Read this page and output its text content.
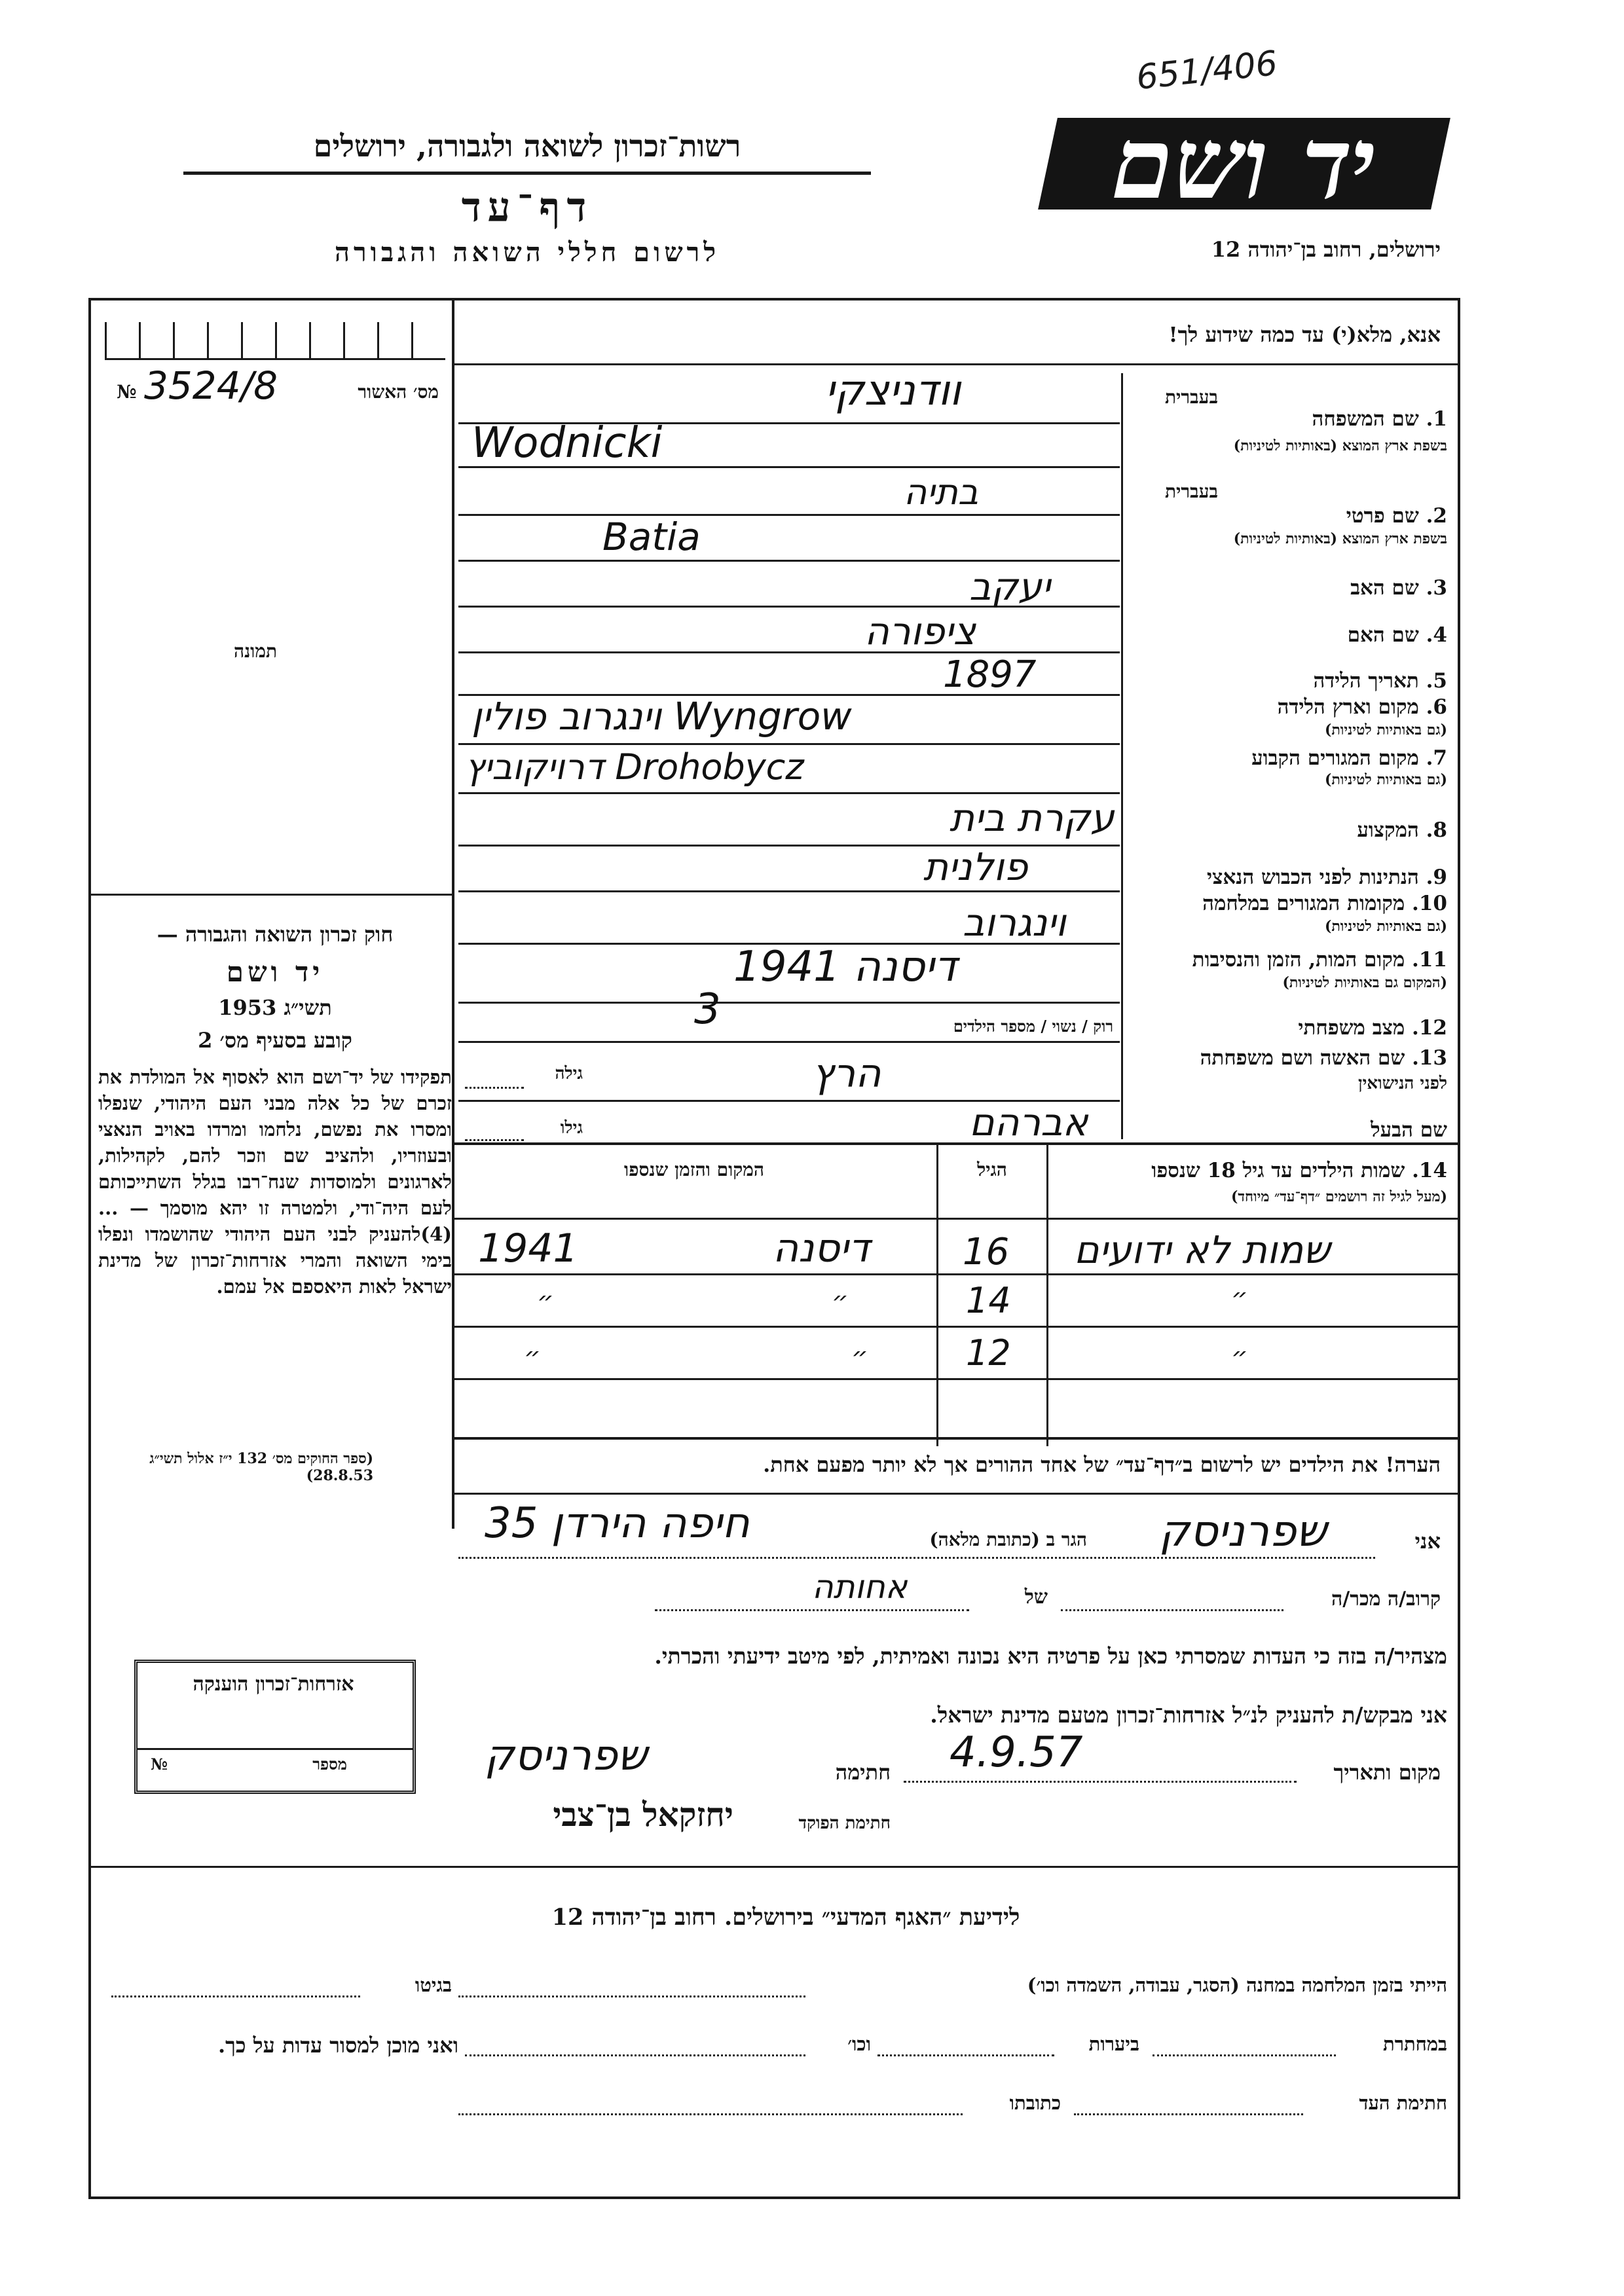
651/406
יד ושם
ירושלים, רחוב בן־יהודה 12
רשות־זכרון לשואה ולגבורה, ירושלים
דף־עד
לרשום חללי השואה והגבורה
אנא, מלא(י) עד כמה שידוע לך!
№ 3524/8	מס׳ האשור
תמונה
בעברית
1. שם המשפחה
בשפת ארץ המוצא (באותיות לטיניות)
בעברית
2. שם פרטי
בשפת ארץ המוצא (באותיות לטיניות)
3. שם האב
4. שם האם
5. תאריך הלידה
6. מקום וארץ הלידה
(גם באותיות לטיניות)
7. מקום המגורים הקבוע
(גם באותיות לטיניות)
8. המקצוע
9. הנתינות לפני הכבוש הנאצי
10. מקומות המגורים במלחמה
(גם באותיות לטיניות)
11. מקום המות, הזמן והנסיבות
(המקום גם באותיות לטיניות)
12. מצב משפחתי
13. שם האשה ושם משפחתה
לפני הנישואין
שם הבעל
וודניצקי
Wodnicki
בתיה
Batia
יעקב
ציפורה
1897
וינגרוב פולין Wyngrow
דרויקוביץ Drohobycz
עקרת בית
פולנית
וינגרוב
דיסנה 1941
3	רוק / נשוי / מספר הילדים
הרץ
גילה
אברהם
גילו
14. שמות הילדים עד גיל 18 שנספו
(מעל לגיל זה רושמים ״דף־עד״ מיוחד)
הגיל
המקום והזמן שנספו
שמות לא ידועים
16
דיסנה
1941
״
14
״
״
״
12
״
״
הערה! את הילדים יש לרשום ב״דף־עד״ של אחד ההורים אך לא יותר מפעם אחת.
חוק זכרון השואה והגבורה —
יד ושם
תשי״ג 1953
קובע בסעיף מס׳ 2
תפקידו של יד־ושם הוא לאסוף אל המולדת את זכרם של כל אלה מבני העם היהודי, שנפלו ומסרו את נפשם, נלחמו ומרדו באויב הנאצי ובעוזריו, ולהציב שם וזכר להם, לקהילות, לארגונים ולמוסדות שנח־רבו בגלל השתייכותם לעם היה־ודי, ולמטרה זו יהא מוסמך — ...(4)להעניק לבני העם היהודי שהושמדו ונפלו בימי השואה והמרי אזרחות־זכרון של מדינת ישראל לאות היאספם אל עמם.
(ספר החוקים מס׳ 132 י״ז אלול תשי״ג 28.8.53)
אזרחות־זכרון הוענקה
מספר
№
אני
שפרניסק
הגר ב (כתובת מלאה)
חיפה הירדן 35
קרוב/ה מכר/ה
של
אחותה
מצהיר/ה בזה כי העדות שמסרתי כאן על פרטיה היא נכונה ואמיתית, לפי מיטב ידיעתי והכרתי.
אני מבקש/ת להעניק לנ״ל אזרחות־זכרון מטעם מדינת ישראל.
מקום ותאריך
4.9.57
חתימה
שפרניסק
חתימת הפוקד
יחזקאל בן־צבי
לידיעת ״האגף המדעי״ בירושלים. רחוב בן־יהודה 12
הייתי בזמן המלחמה במחנה (הסגר, עבודה, השמדה וכו׳)
בגיטו
במחתרת
ביערות
וכו׳
ואני מוכן למסור עדות על כך.
חתימת העד
כתובתו
